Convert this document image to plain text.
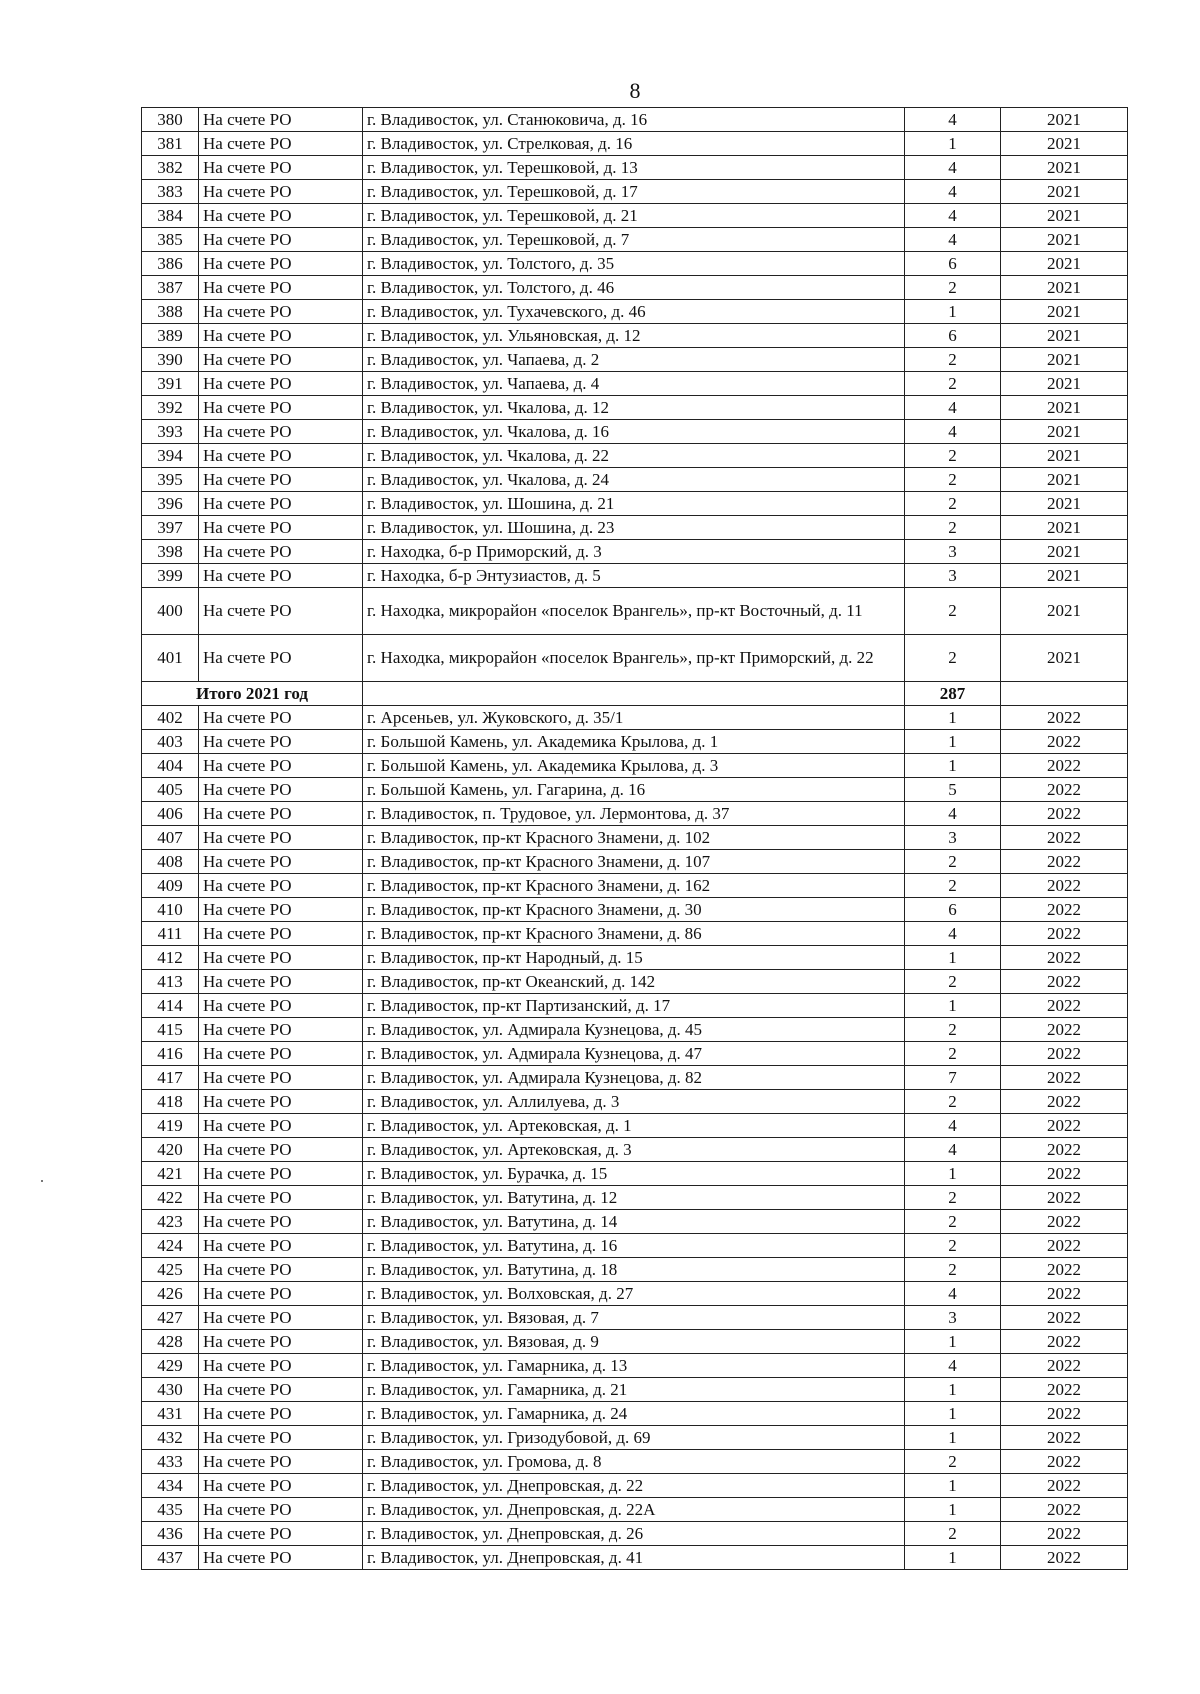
8
380	На счете РО	г. Владивосток, ул. Станюковича, д. 16	4	2021
381	На счете РО	г. Владивосток, ул. Стрелковая, д. 16	1	2021
382	На счете РО	г. Владивосток, ул. Терешковой, д. 13	4	2021
383	На счете РО	г. Владивосток, ул. Терешковой, д. 17	4	2021
384	На счете РО	г. Владивосток, ул. Терешковой, д. 21	4	2021
385	На счете РО	г. Владивосток, ул. Терешковой, д. 7	4	2021
386	На счете РО	г. Владивосток, ул. Толстого, д. 35	6	2021
387	На счете РО	г. Владивосток, ул. Толстого, д. 46	2	2021
388	На счете РО	г. Владивосток, ул. Тухачевского, д. 46	1	2021
389	На счете РО	г. Владивосток, ул. Ульяновская, д. 12	6	2021
390	На счете РО	г. Владивосток, ул. Чапаева, д. 2	2	2021
391	На счете РО	г. Владивосток, ул. Чапаева, д. 4	2	2021
392	На счете РО	г. Владивосток, ул. Чкалова, д. 12	4	2021
393	На счете РО	г. Владивосток, ул. Чкалова, д. 16	4	2021
394	На счете РО	г. Владивосток, ул. Чкалова, д. 22	2	2021
395	На счете РО	г. Владивосток, ул. Чкалова, д. 24	2	2021
396	На счете РО	г. Владивосток, ул. Шошина, д. 21	2	2021
397	На счете РО	г. Владивосток, ул. Шошина, д. 23	2	2021
398	На счете РО	г. Находка, б-р Приморский, д. 3	3	2021
399	На счете РО	г. Находка, б-р Энтузиастов, д. 5	3	2021
400	На счете РО	г. Находка, микрорайон «поселок Врангель», пр-кт Восточный, д. 11	2	2021
401	На счете РО	г. Находка, микрорайон «поселок Врангель», пр-кт Приморский, д. 22	2	2021
Итого 2021 год			287	
402	На счете РО	г. Арсеньев, ул. Жуковского, д. 35/1	1	2022
403	На счете РО	г. Большой Камень, ул. Академика Крылова, д. 1	1	2022
404	На счете РО	г. Большой Камень, ул. Академика Крылова, д. 3	1	2022
405	На счете РО	г. Большой Камень, ул. Гагарина, д. 16	5	2022
406	На счете РО	г. Владивосток, п. Трудовое, ул. Лермонтова, д. 37	4	2022
407	На счете РО	г. Владивосток, пр-кт Красного Знамени, д. 102	3	2022
408	На счете РО	г. Владивосток, пр-кт Красного Знамени, д. 107	2	2022
409	На счете РО	г. Владивосток, пр-кт Красного Знамени, д. 162	2	2022
410	На счете РО	г. Владивосток, пр-кт Красного Знамени, д. 30	6	2022
411	На счете РО	г. Владивосток, пр-кт Красного Знамени, д. 86	4	2022
412	На счете РО	г. Владивосток, пр-кт Народный, д. 15	1	2022
413	На счете РО	г. Владивосток, пр-кт Океанский, д. 142	2	2022
414	На счете РО	г. Владивосток, пр-кт Партизанский, д. 17	1	2022
415	На счете РО	г. Владивосток, ул. Адмирала Кузнецова, д. 45	2	2022
416	На счете РО	г. Владивосток, ул. Адмирала Кузнецова, д. 47	2	2022
417	На счете РО	г. Владивосток, ул. Адмирала Кузнецова, д. 82	7	2022
418	На счете РО	г. Владивосток, ул. Аллилуева, д. 3	2	2022
419	На счете РО	г. Владивосток, ул. Артековская, д. 1	4	2022
420	На счете РО	г. Владивосток, ул. Артековская, д. 3	4	2022
421	На счете РО	г. Владивосток, ул. Бурачка, д. 15	1	2022
422	На счете РО	г. Владивосток, ул. Ватутина, д. 12	2	2022
423	На счете РО	г. Владивосток, ул. Ватутина, д. 14	2	2022
424	На счете РО	г. Владивосток, ул. Ватутина, д. 16	2	2022
425	На счете РО	г. Владивосток, ул. Ватутина, д. 18	2	2022
426	На счете РО	г. Владивосток, ул. Волховская, д. 27	4	2022
427	На счете РО	г. Владивосток, ул. Вязовая, д. 7	3	2022
428	На счете РО	г. Владивосток, ул. Вязовая, д. 9	1	2022
429	На счете РО	г. Владивосток, ул. Гамарника, д. 13	4	2022
430	На счете РО	г. Владивосток, ул. Гамарника, д. 21	1	2022
431	На счете РО	г. Владивосток, ул. Гамарника, д. 24	1	2022
432	На счете РО	г. Владивосток, ул. Гризодубовой, д. 69	1	2022
433	На счете РО	г. Владивосток, ул. Громова, д. 8	2	2022
434	На счете РО	г. Владивосток, ул. Днепровская, д. 22	1	2022
435	На счете РО	г. Владивосток, ул. Днепровская, д. 22А	1	2022
436	На счете РО	г. Владивосток, ул. Днепровская, д. 26	2	2022
437	На счете РО	г. Владивосток, ул. Днепровская, д. 41	1	2022
